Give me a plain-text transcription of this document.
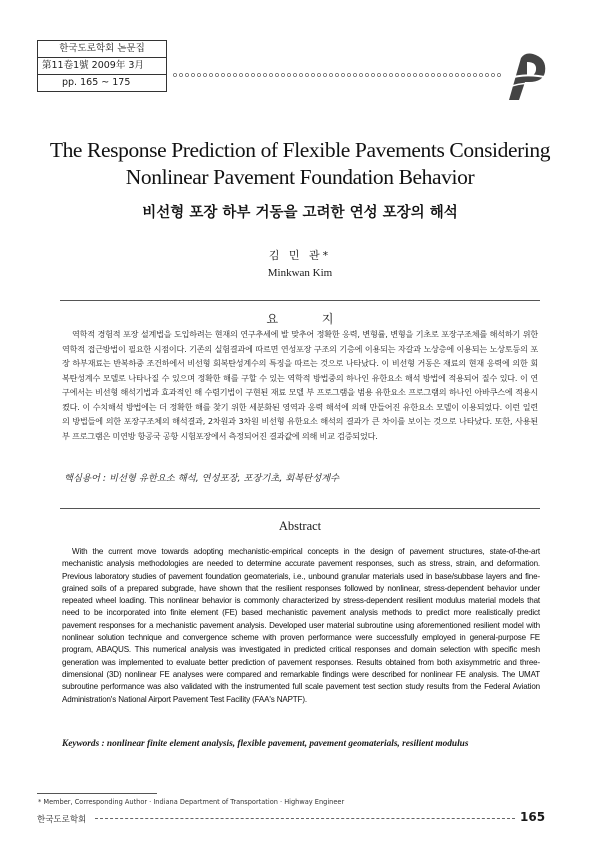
한국도로학회 논문집
第11卷1號 2009年 3月
pp. 165 ~ 175
The Response Prediction of Flexible Pavements Considering
Nonlinear Pavement Foundation Behavior
비선형 포장 하부 거동을 고려한 연성 포장의 해석
김 민 관*
Minkwan Kim
요 지
역학적 경험적 포장 설계법을 도입하려는 현재의 연구추세에 발 맞추어 정확한 응력, 변형률, 변형을 기초로 포장구조체를 해석하기 위한 역학적 접근방법이 필요한 시점이다. 기존의 실험결과에 따르면 연성포장 구조의 기층에 이용되는 자갈과 노상층에 이용되는 노상토등의 포장 하부재료는 반복하중 조건하에서 비선형 회복탄성계수의 특징을 따르는 것으로 나타났다. 이 비선형 거동은 재료의 현재 응력에 의한 회복탄성계수 모델로 나타나질 수 있으며 정확한 해를 구할 수 있는 역학적 방법중의 하나인 유한요소 해석 방법에 적용되어 질수 있다. 이 연구에서는 비선형 해석기법과 효과적인 해 수렴기법이 구현된 재료 모델 부 프로그램을 범용 유한요소 프로그램의 하나인 아바쿠스에 적용시켰다. 이 수치해석 방법에는 더 정확한 해를 찾기 위한 세분화된 영역과 응력 해석에 의해 만들어진 유한요소 모델이 이용되었다. 이런 일련의 방법들에 의한 포장구조체의 해석결과, 2차원과 3차원 비선형 유한요소 해석의 결과가 큰 차이를 보이는 것으로 나타났다. 또한, 사용된 부 프로그램은 미연방 항공국 공항 시험포장에서 측정되어진 결과값에 의해 비교 검증되었다.
핵심용어 : 비선형 유한요소 해석, 연성포장, 포장기초, 회복탄성계수
Abstract
With the current move towards adopting mechanistic-empirical concepts in the design of pavement structures, state-of-the-art mechanistic analysis methodologies are needed to determine accurate pavement responses, such as stress, strain, and deformation. Previous laboratory studies of pavement foundation geomaterials, i.e., unbound granular materials used in base/subbase layers and fine-grained soils of a prepared subgrade, have shown that the resilient responses followed by nonlinear, stress-dependent behavior under repeated wheel loading. This nonlinear behavior is commonly characterized by stress-dependent resilient modulus material models that need to be incorporated into finite element (FE) based mechanistic pavement analysis methods to predict more realistically predict pavement responses for a mechanistic pavement analysis. Developed user material subroutine using aforementioned resilient model with nonlinear solution technique and convergence scheme with proven performance were successfully employed in general-purpose FE program, ABAQUS. This numerical analysis was investigated in predicted critical responses and domain selection with specific mesh generation was implemented to evaluate better prediction of pavement responses. Results obtained from both axisymmetric and three-dimensional (3D) nonlinear FE analyses were compared and remarkable findings were described for nonlinear FE analysis. The UMAT subroutine performance was also validated with the instrumented full scale pavement test section study results from the Federal Aviation Administration's National Airport Pavement Test Facility (FAA's NAPTF).
Keywords : nonlinear finite element analysis, flexible pavement, pavement geomaterials, resilient modulus
* Member, Corresponding Author · Indiana Department of Transportation · Highway Engineer
한국도로학회	165
